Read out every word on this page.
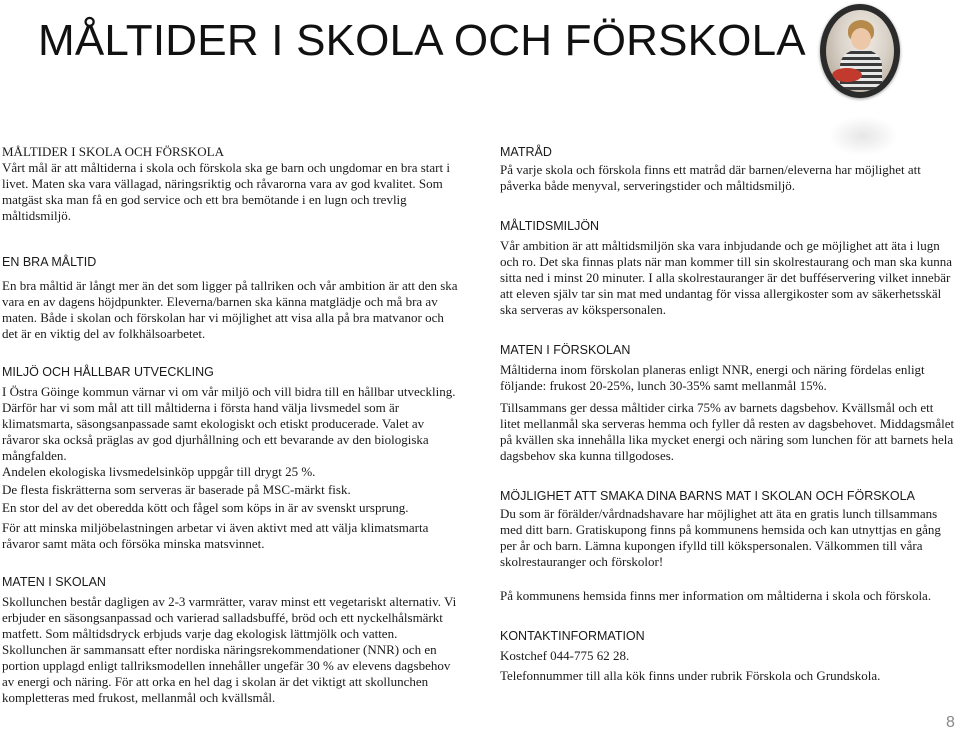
MÅLTIDER I SKOLA OCH FÖRSKOLA
MÅLTIDER I SKOLA OCH FÖRSKOLA

Vårt mål är att måltiderna i skola och förskola ska ge barn och ungdomar en bra start i livet. Maten ska vara vällagad, näringsriktig och råvarorna vara av god kvalitet. Som matgäst ska man få en god service och ett bra bemötande i en lugn och trevlig måltidsmiljö.

EN BRA MÅLTID

En bra måltid är långt mer än det som ligger på tallriken och vår ambition är att den ska vara en av dagens höjdpunkter. Eleverna/barnen ska känna matglädje och må bra av maten. Både i skolan och förskolan har vi möjlighet att visa alla på bra matvanor och det är en viktig del av folkhälsoarbetet.

MILJÖ OCH HÅLLBAR UTVECKLING

I Östra Göinge kommun värnar vi om vår miljö och vill bidra till en hållbar utveckling. Därför har vi som mål att till måltiderna i första hand välja livsmedel som är klimatsmarta, säsongsanpassade samt ekologiskt och etiskt producerade. Valet av råvaror ska också präglas av god djurhållning och ett bevarande av den biologiska mångfalden.

Andelen ekologiska livsmedelsinköp uppgår till drygt 25 %.

De flesta fiskrätterna som serveras är baserade på MSC-märkt fisk.

En stor del av det oberedda kött och fågel som köps in är av svenskt ursprung.

För att minska miljöbelastningen arbetar vi även aktivt med att välja klimatsmarta råvaror samt mäta och försöka minska matsvinnet.

MATEN I SKOLAN

Skollunchen består dagligen av 2-3 varmrätter, varav minst ett vegetariskt alternativ. Vi erbjuder en säsongsanpassad och varierad salladsbuffé, bröd och ett nyckelhålsmärkt matfett. Som måltidsdryck erbjuds varje dag ekologisk lättmjölk och vatten. Skollunchen är sammansatt efter nordiska näringsrekommendationer (NNR) och en portion upplagd enligt tallriksmodellen innehåller ungefär 30 % av elevens dagsbehov av energi och näring. För att orka en hel dag i skolan är det viktigt att skollunchen kompletteras med frukost, mellanmål och kvällsmål.

MATRÅD

På varje skola och förskola finns ett matråd där barnen/eleverna har möjlighet att påverka både menyval, serveringstider och måltidsmiljö.

MÅLTIDSMILJÖN

Vår ambition är att måltidsmiljön ska vara inbjudande och ge möjlighet att äta i lugn och ro. Det ska finnas plats när man kommer till sin skolrestaurang och man ska kunna sitta ned i minst 20 minuter. I alla skolrestauranger är det bufféservering vilket innebär att eleven själv tar sin mat med undantag för vissa allergikoster som av säkerhetsskäl ska serveras av kökspersonalen.

MATEN I FÖRSKOLAN

Måltiderna inom förskolan planeras enligt NNR, energi och näring fördelas enligt följande: frukost 20-25%, lunch 30-35% samt mellanmål 15%.

Tillsammans ger dessa måltider cirka 75% av barnets dagsbehov. Kvällsmål och ett litet mellanmål ska serveras hemma och fyller då resten av dagsbehovet. Middagsmålet på kvällen ska innehålla lika mycket energi och näring som lunchen för att barnets hela dagsbehov ska kunna tillgodoses.

MÖJLIGHET ATT SMAKA DINA BARNS MAT I SKOLAN OCH FÖRSKOLA

Du som är förälder/vårdnadshavare har möjlighet att äta en gratis lunch tillsammans med ditt barn. Gratiskupong finns på kommunens hemsida och kan utnyttjas en gång per år och barn. Lämna kupongen ifylld till kökspersonalen. Välkommen till våra skolrestauranger och förskolor!

På kommunens hemsida finns mer information om måltiderna i skola och förskola.

KONTAKTINFORMATION

Kostchef 044-775 62 28.

Telefonnummer till alla kök finns under rubrik Förskola och Grundskola.

8
